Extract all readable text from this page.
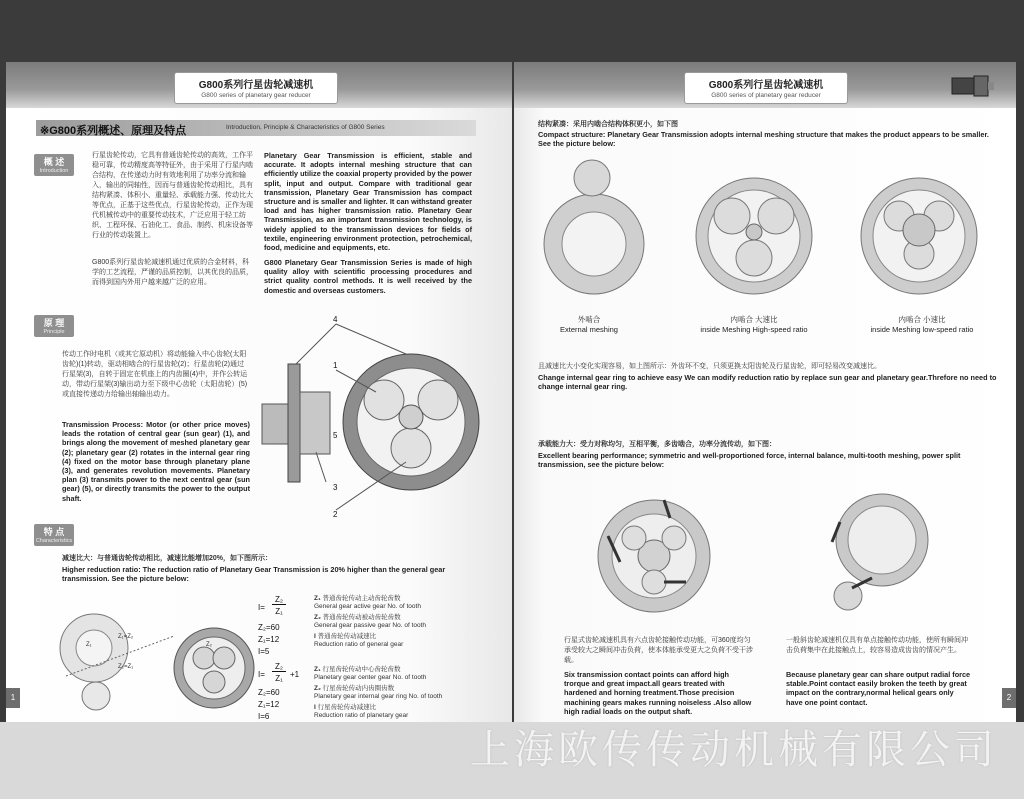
G800系列行星齿轮减速机
G800 series of planetary gear reducer
※G800系列概述、原理及特点	Introduction, Principle & Characteristics of G800 Series
概 述
Introduction
行星齿轮传动，它具有普通齿轮传动的高效，工作平稳可靠，传动精度高等特征外，由于采用了行星内啮合结构，在传递动力时有效地利用了功率分流和输入，输出的同轴性，因而与普通齿轮传动相比，具有结构紧凑、体积小、重量轻、承载能力强、传动比大等优点，正基于这些优点，行星齿轮传动，正作为现代机械传动中的重要传动技术，广泛应用于轻工纺织、工程环保、石油化工、食品、制药、机床设备等行业的传动装置上。
G800系列行星齿轮减速机通过优质的合金材料，科学的工艺流程，严谨的品质控制，以其优良的品质，而得到国内外用户越来越广泛的应用。
Planetary Gear Transmission is efficient, stable and accurate. It adopts internal meshing structure that can efficiently utilize the coaxial property provided by the power split, input and output. Compare with traditional gear transmission, Planetary Gear Transmission has compact structure and is smaller and lighter. It can withstand greater load and has higher transmission ratio. Planetary Gear Transmission, as an important transmission technology, is widely applied to the transmission devices for fields of textile, engineering environment protection, petrochemical, food, medicine and equipments, etc.
G800 Planetary Gear Transmission Series is made of high quality alloy with scientific processing procedures and strict quality control methods. It is well received by the domestic and overseas customers.
原 理
Principle
传动工作时电机（或其它原动机）将动能输入中心齿轮(太阳齿轮)(1)转动，驱动相啮合的行星齿轮(2)；行星齿轮(2)通过行星架(3)，自转于固定在机座上的内齿圈(4)中，并作公转运动，带动行星架(3)输出动力至下级中心齿轮（太阳齿轮）(5)或直接传递动力给输出轴输出动力。
Transmission Process: Motor (or other price moves) leads the rotation of central gear (sun gear) (1), and brings along the movement of meshed planetary gear (2); planetary gear (2) rotates in the internal gear ring (4) fixed on the motor base through planetary plane (3), and generates revolution movements. Planetary plan (3) transmits power to the next central gear (sun gear) (5), or directly transmits the power to the output shaft.
4
1
5
3
2
特 点
Characteristics
减速比大：与普通齿轮传动相比，减速比能增加20%，如下图所示：
Higher reduction ratio: The reduction ratio of Planetary Gear Transmission is 20% higher than the general gear transmission. See the picture below:
Z₁	Z₂
Z₁=Z₂
Z₂=Z₁
I=
Z₂
Z₁
Z₂=60
Z₁=12
I=5
I=
Z₂
Z₁ +1
Z₂=60
Z₁=12
I=6
Z₁ 普通齿轮传动主动齿轮齿数
General gear active gear No. of tooth
Z₂ 普通齿轮传动被动齿轮齿数
General gear passive gear No. of tooth
I 普通齿轮传动减速比
Reduction ratio of general gear
Z₁ 行星齿轮传动中心齿轮齿数
Planetary gear center gear No. of tooth
Z₂ 行星齿轮传动内齿圈齿数
Planetary gear internal gear ring No. of tooth
I 行星齿轮传动减速比
Reduction ratio of planetary gear
1
G800系列行星齿轮减速机
G800 series of planetary gear reducer
结构紧凑：采用内啮合结构体积更小，如下图
Compact structure: Planetary Gear Transmission adopts internal meshing structure that makes the product appears to be smaller. See the picture below:
外啮合
External meshing
内啮合 大速比
inside Meshing High-speed ratio
内啮合 小速比
inside Meshing low-speed ratio
且减速比大小变化实现容易，如上图所示：外齿环不变，只须更换太阳齿轮及行星齿轮，即可轻易改变减速比。
Change internal gear ring to achieve easy We can modify reduction ratio by replace sun gear and planetary gear.Threfore no need to change internal gear ring.
承载能力大：受力对称均匀，互相平衡，多齿啮合，功率分流传动，如下图：
Excellent bearing performance; symmetric and well-proportioned force, internal balance, multi-tooth meshing, power split transmission, see the picture below:
行星式齿轮减速机具有六点齿轮接触传动功能，可360度均匀承受较大之瞬间冲击负荷，使本体能承受更大之负荷不受干涉载。
Six transmission contact points can afford high trorque and great impact.all gears treated with hardened and horning treatment.Those precision machining gears makes running noiseless .Also allow high radial loads on the output shaft.
一般斜齿轮减速机仅具有单点接触传动功能，使所有瞬间冲击负荷集中在此接触点上，较容易造成齿齿的情况产生。
Because planetary gear can share output radial force stable.Point contact easily broken the teeth by great impact on the contrary,normal helical gears only have one point contact.
2
上海欧传传动机械有限公司
